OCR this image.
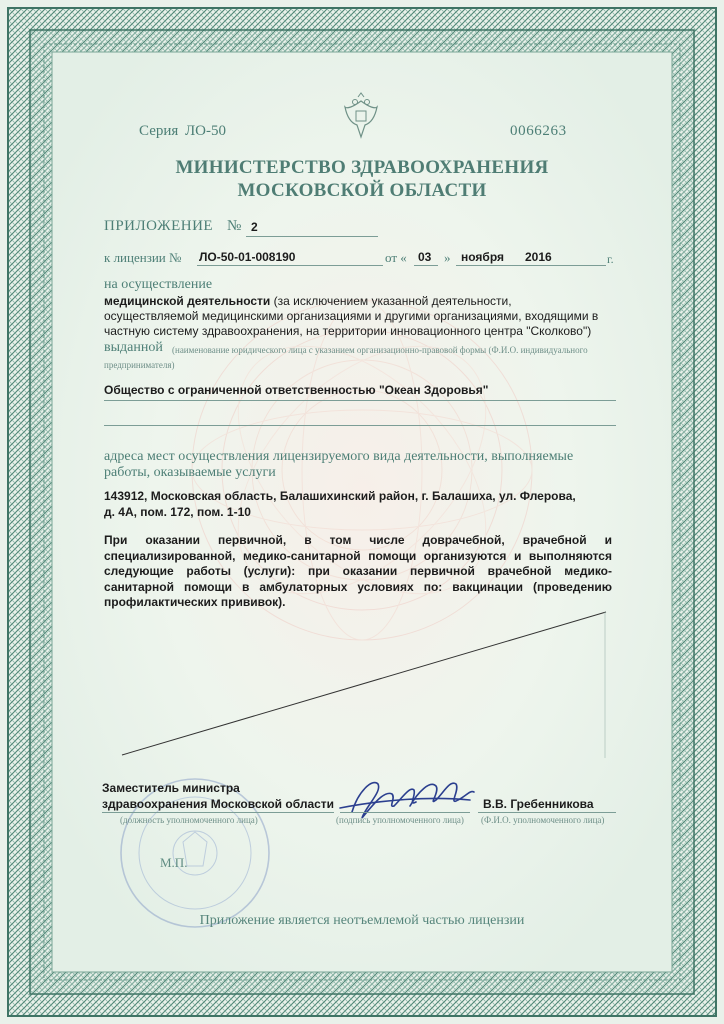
Серия ЛО-50	0066263
МИНИСТЕРСТВО ЗДРАВООХРАНЕНИЯ
МОСКОВСКОЙ ОБЛАСТИ
ПРИЛОЖЕНИЕ № 2
к лицензии № ЛО-50-01-008190	от « 03 » ноября 2016	г.
на осуществление
медицинской деятельности (за исключением указанной деятельности,
осуществляемой медицинскими организациями и другими организациями, входящими в
частную систему здравоохранения, на территории инновационного центра "Сколково")
выданной (наименование юридического лица с указанием организационно-правовой формы (Ф.И.О. индивидуального
предпринимателя)
Общество с ограниченной ответственностью "Океан Здоровья"
адреса мест осуществления лицензируемого вида деятельности, выполняемые
работы, оказываемые услуги
143912, Московская область, Балашихинский район, г. Балашиха, ул. Флерова,
д. 4А, пом. 172, пом. 1-10
При оказании первичной, в том числе доврачебной, врачебной и
специализированной, медико-санитарной помощи организуются и выполняются
следующие работы (услуги): при оказании первичной врачебной медико-
санитарной помощи в амбулаторных условиях по: вакцинации (проведению
профилактических прививок).
Заместитель министра
здравоохранения Московской области
(должность уполномоченного лица)	(подпись уполномоченного лица)
В.В. Гребенникова
(Ф.И.О. уполномоченного лица)
М.П.
Приложение является неотъемлемой частью лицензии
